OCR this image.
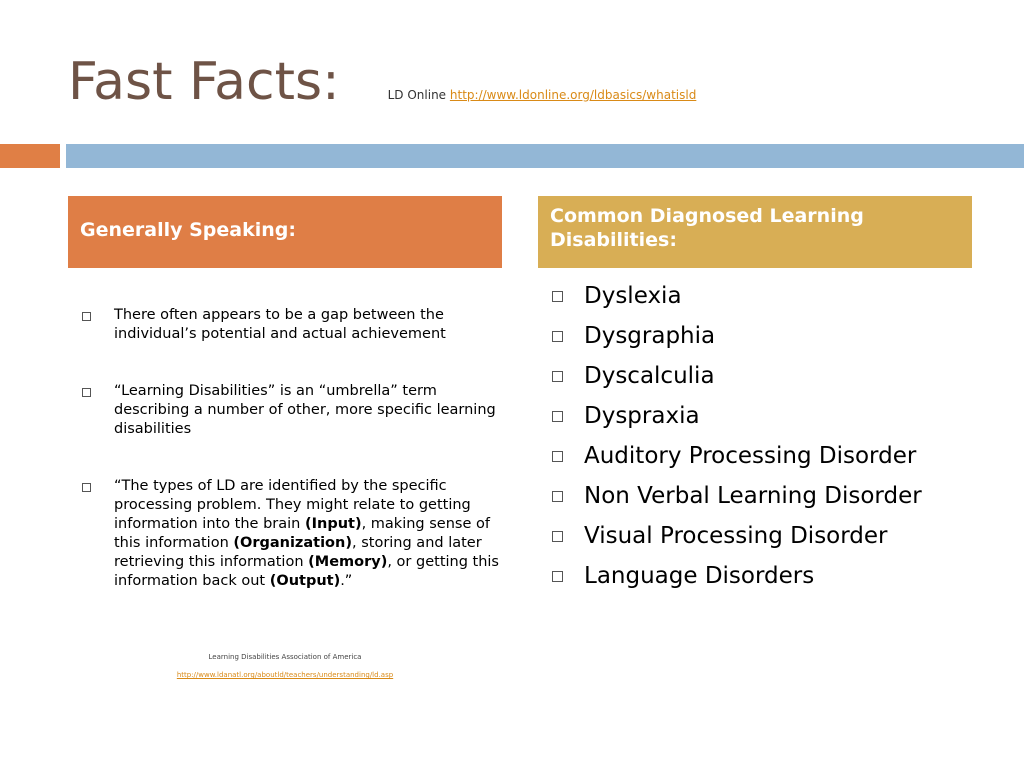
Fast Facts:	LD Online http://www.ldonline.org/ldbasics/whatisld
Generally Speaking:
Common Diagnosed Learning Disabilities:
There often appears to be a gap between the individual’s potential and actual achievement
“Learning Disabilities” is an “umbrella” term describing a number of other, more specific learning disabilities
“The types of LD are identified by the specific processing problem. They might relate to getting information into the brain (Input), making sense of this information (Organization), storing and later retrieving this information (Memory), or getting this information back out (Output).”
Learning Disabilities Association of America
http://www.ldanatl.org/aboutld/teachers/understanding/ld.asp
Dyslexia
Dysgraphia
Dyscalculia
Dyspraxia
Auditory Processing Disorder
Non Verbal Learning Disorder
Visual Processing Disorder
Language Disorders
